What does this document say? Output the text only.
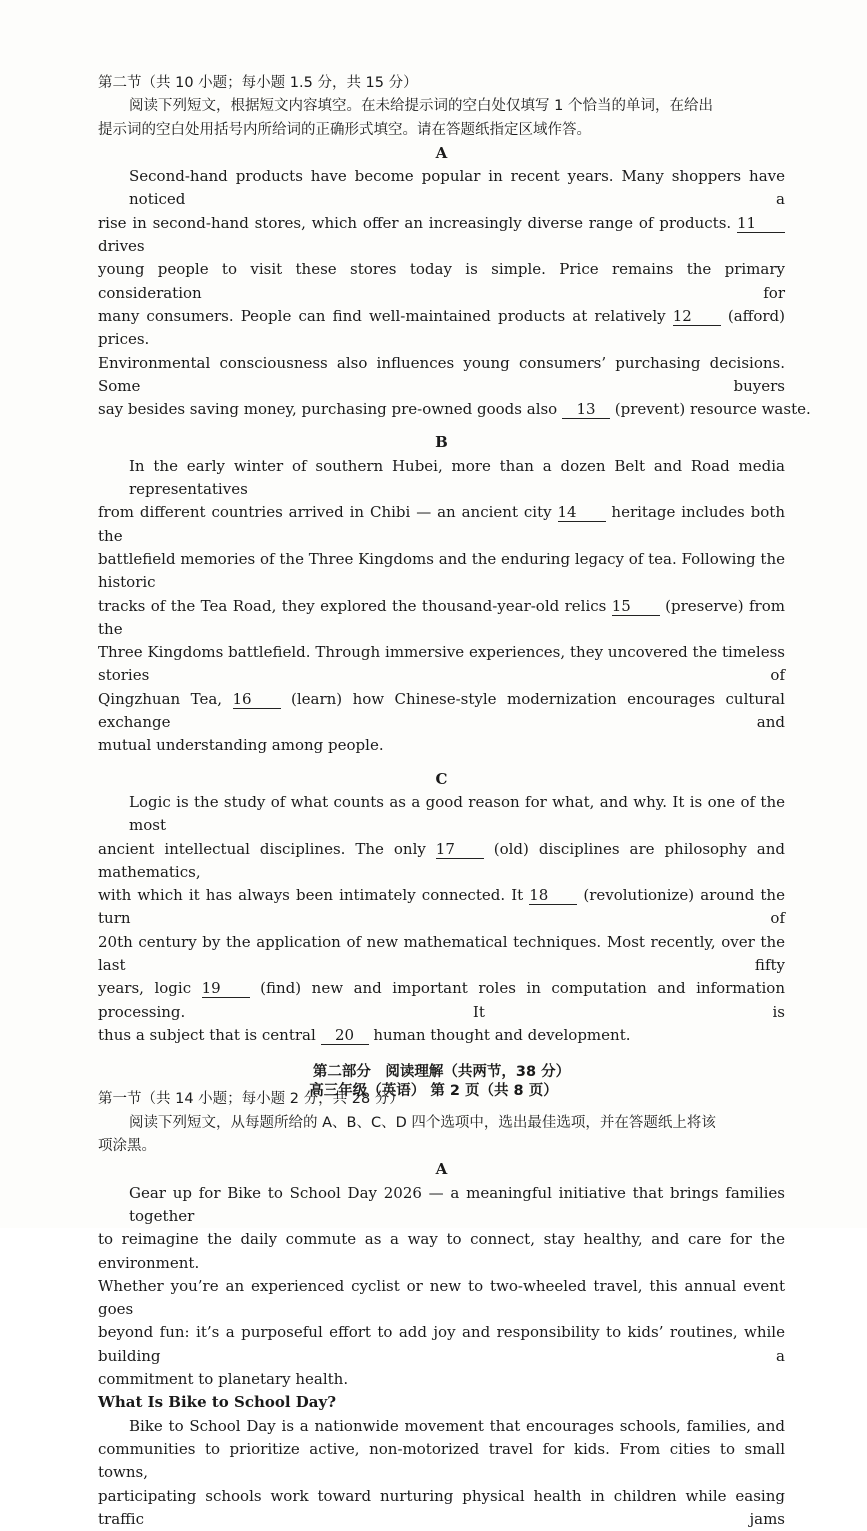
第二节（共 10 小题；每小题 1.5 分，共 15 分）
阅读下列短文，根据短文内容填空。在未给提示词的空白处仅填写 1 个恰当的单词，在给出
提示词的空白处用括号内所给词的正确形式填空。请在答题纸指定区域作答。
A
Second-hand products have become popular in recent years. Many shoppers have noticed a
rise in second-hand stores, which offer an increasingly diverse range of products. 11 drives
young people to visit these stores today is simple. Price remains the primary consideration for
many consumers. People can find well-maintained products at relatively 12 (afford) prices.
Environmental consciousness also influences young consumers’ purchasing decisions. Some buyers
say besides saving money, purchasing pre-owned goods also 13 (prevent) resource waste.
B
In the early winter of southern Hubei, more than a dozen Belt and Road media representatives
from different countries arrived in Chibi — an ancient city 14 heritage includes both the
battlefield memories of the Three Kingdoms and the enduring legacy of tea. Following the historic
tracks of the Tea Road, they explored the thousand-year-old relics 15 (preserve) from the
Three Kingdoms battlefield. Through immersive experiences, they uncovered the timeless stories of
Qingzhuan Tea, 16	(learn) how Chinese-style modernization encourages cultural exchange and
mutual understanding among people.
C
Logic is the study of what counts as a good reason for what, and why. It is one of the most
ancient intellectual disciplines. The only 17	(old) disciplines are philosophy and mathematics,
with which it has always been intimately connected. It 18 (revolutionize) around the turn of
20th century by the application of new mathematical techniques. Most recently, over the last fifty
years, logic 19	(find) new and important roles in computation and information processing. It is
thus a subject that is central 20 human thought and development.
第二部分　阅读理解（共两节，38 分）
第一节（共 14 小题；每小题 2 分，共 28 分）
阅读下列短文，从每题所给的 A、B、C、D 四个选项中，选出最佳选项，并在答题纸上将该
项涂黑。
A
Gear up for Bike to School Day 2026 — a meaningful initiative that brings families together
to reimagine the daily commute as a way to connect, stay healthy, and care for the environment.
Whether you’re an experienced cyclist or new to two-wheeled travel, this annual event goes
beyond fun: it’s a purposeful effort to add joy and responsibility to kids’ routines, while building a
commitment to planetary health.
What Is Bike to School Day?
Bike to School Day is a nationwide movement that encourages schools, families, and
communities to prioritize active, non-motorized travel for kids. From cities to small towns,
participating schools work toward nurturing physical health in children while easing traffic jams
高三年级（英语） 第 2 页（共 8 页）
